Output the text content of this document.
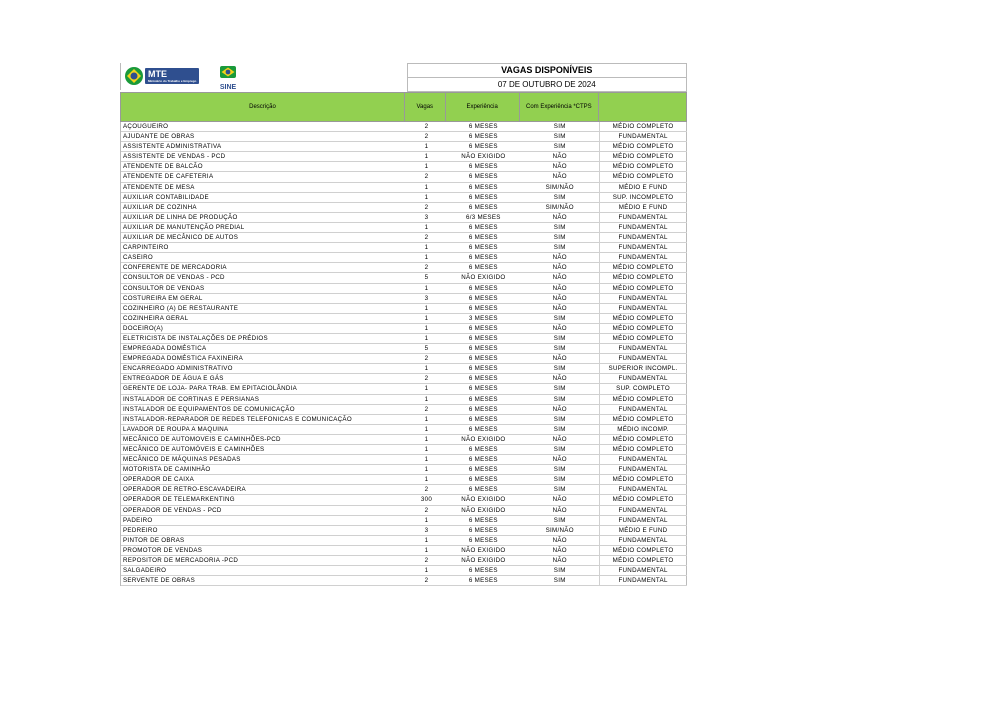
MTE
Ministério do Trabalho e Emprego
SINE
VAGAS DISPONÍVEIS
07 DE OUTUBRO DE 2024
Descrição	Vagas	Experiência	Com Experiência *CTPS
AÇOUGUEIRO	2	6 MESES	SIM	MÉDIO COMPLETO
AJUDANTE DE OBRAS	2	6 MESES	SIM	FUNDAMENTAL
ASSISTENTE ADMINISTRATIVA	1	6 MESES	SIM	MÉDIO COMPLETO
ASSISTENTE DE VENDAS - PCD	1	NÃO EXIGIDO	NÃO	MÉDIO COMPLETO
ATENDENTE DE BALCÃO	1	6 MESES	NÃO	MÉDIO COMPLETO
ATENDENTE DE CAFETERIA	2	6 MESES	NÃO	MÉDIO COMPLETO
ATENDENTE DE MESA	1	6 MESES	SIM/NÃO	MÉDIO E FUND
AUXILIAR CONTABILIDADE	1	6 MESES	SIM	SUP. INCOMPLETO
AUXILIAR DE COZINHA	2	6 MESES	SIM/NÃO	MÉDIO E FUND
AUXILIAR DE LINHA DE PRODUÇÃO	3	6/3 MESES	NÃO	FUNDAMENTAL
AUXILIAR DE MANUTENÇÃO PREDIAL	1	6 MESES	SIM	FUNDAMENTAL
AUXILIAR DE MECÂNICO DE AUTOS	2	6 MESES	SIM	FUNDAMENTAL
CARPINTEIRO	1	6 MESES	SIM	FUNDAMENTAL
CASEIRO	1	6 MESES	NÃO	FUNDAMENTAL
CONFERENTE DE MERCADORIA	2	6 MESES	NÃO	MÉDIO COMPLETO
CONSULTOR DE VENDAS - PCD	5	NÃO EXIGIDO	NÃO	MÉDIO COMPLETO
CONSULTOR DE VENDAS	1	6 MESES	NÃO	MÉDIO COMPLETO
COSTUREIRA EM GERAL	3	6 MESES	NÃO	FUNDAMENTAL
COZINHEIRO (A) DE RESTAURANTE	1	6 MESES	NÃO	FUNDAMENTAL
COZINHEIRA GERAL	1	3 MESES	SIM	MÉDIO COMPLETO
DOCEIRO(A)	1	6 MESES	NÃO	MÉDIO COMPLETO
ELETRICISTA DE INSTALAÇÕES DE PRÉDIOS	1	6 MESES	SIM	MÉDIO COMPLETO
EMPREGADA DOMÉSTICA	5	6 MESES	SIM	FUNDAMENTAL
EMPREGADA DOMÉSTICA FAXINEIRA	2	6 MESES	NÃO	FUNDAMENTAL
ENCARREGADO ADMINISTRATIVO	1	6 MESES	SIM	SUPERIOR INCOMPL.
ENTREGADOR DE ÁGUA E GÁS	2	6 MESES	NÃO	FUNDAMENTAL
GERENTE DE LOJA- PARA TRAB. EM EPITACIOLÂNDIA	1	6 MESES	SIM	SUP. COMPLETO
INSTALADOR DE CORTINAS E PERSIANAS	1	6 MESES	SIM	MÉDIO COMPLETO
INSTALADOR DE EQUIPAMENTOS DE COMUNICAÇÃO	2	6 MESES	NÃO	FUNDAMENTAL
INSTALADOR-REPARADOR DE REDES TELEFONICAS E COMUNICAÇÃO	1	6 MESES	SIM	MÉDIO COMPLETO
LAVADOR DE ROUPA A MAQUINA	1	6 MESES	SIM	MÉDIO INCOMP.
MECÂNICO DE AUTOMOVEIS E CAMINHÕES-PCD	1	NÃO EXIGIDO	NÃO	MÉDIO COMPLETO
MECÂNICO DE AUTOMÓVEIS E CAMINHÕES	1	6 MESES	SIM	MÉDIO COMPLETO
MECÂNICO DE MÁQUINAS PESADAS	1	6 MESES	NÃO	FUNDAMENTAL
MOTORISTA DE CAMINHÃO	1	6 MESES	SIM	FUNDAMENTAL
OPERADOR DE CAIXA	1	6 MESES	SIM	MÉDIO COMPLETO
OPERADOR DE RETRO-ESCAVADEIRA	2	6 MESES	SIM	FUNDAMENTAL
OPERADOR DE TELEMARKENTING	300	NÃO EXIGIDO	NÃO	MÉDIO COMPLETO
OPERADOR DE VENDAS - PCD	2	NÃO EXIGIDO	NÃO	FUNDAMENTAL
PADEIRO	1	6 MESES	SIM	FUNDAMENTAL
PEDREIRO	3	6 MESES	SIM/NÃO	MÉDIO E FUND
PINTOR DE OBRAS	1	6 MESES	NÃO	FUNDAMENTAL
PROMOTOR DE VENDAS	1	NÃO EXIGIDO	NÃO	MÉDIO COMPLETO
REPOSITOR DE MERCADORIA -PCD	2	NÃO EXIGIDO	NÃO	MÉDIO COMPLETO
SALGADEIRO	1	6 MESES	SIM	FUNDAMENTAL
SERVENTE DE OBRAS	2	6 MESES	SIM	FUNDAMENTAL
